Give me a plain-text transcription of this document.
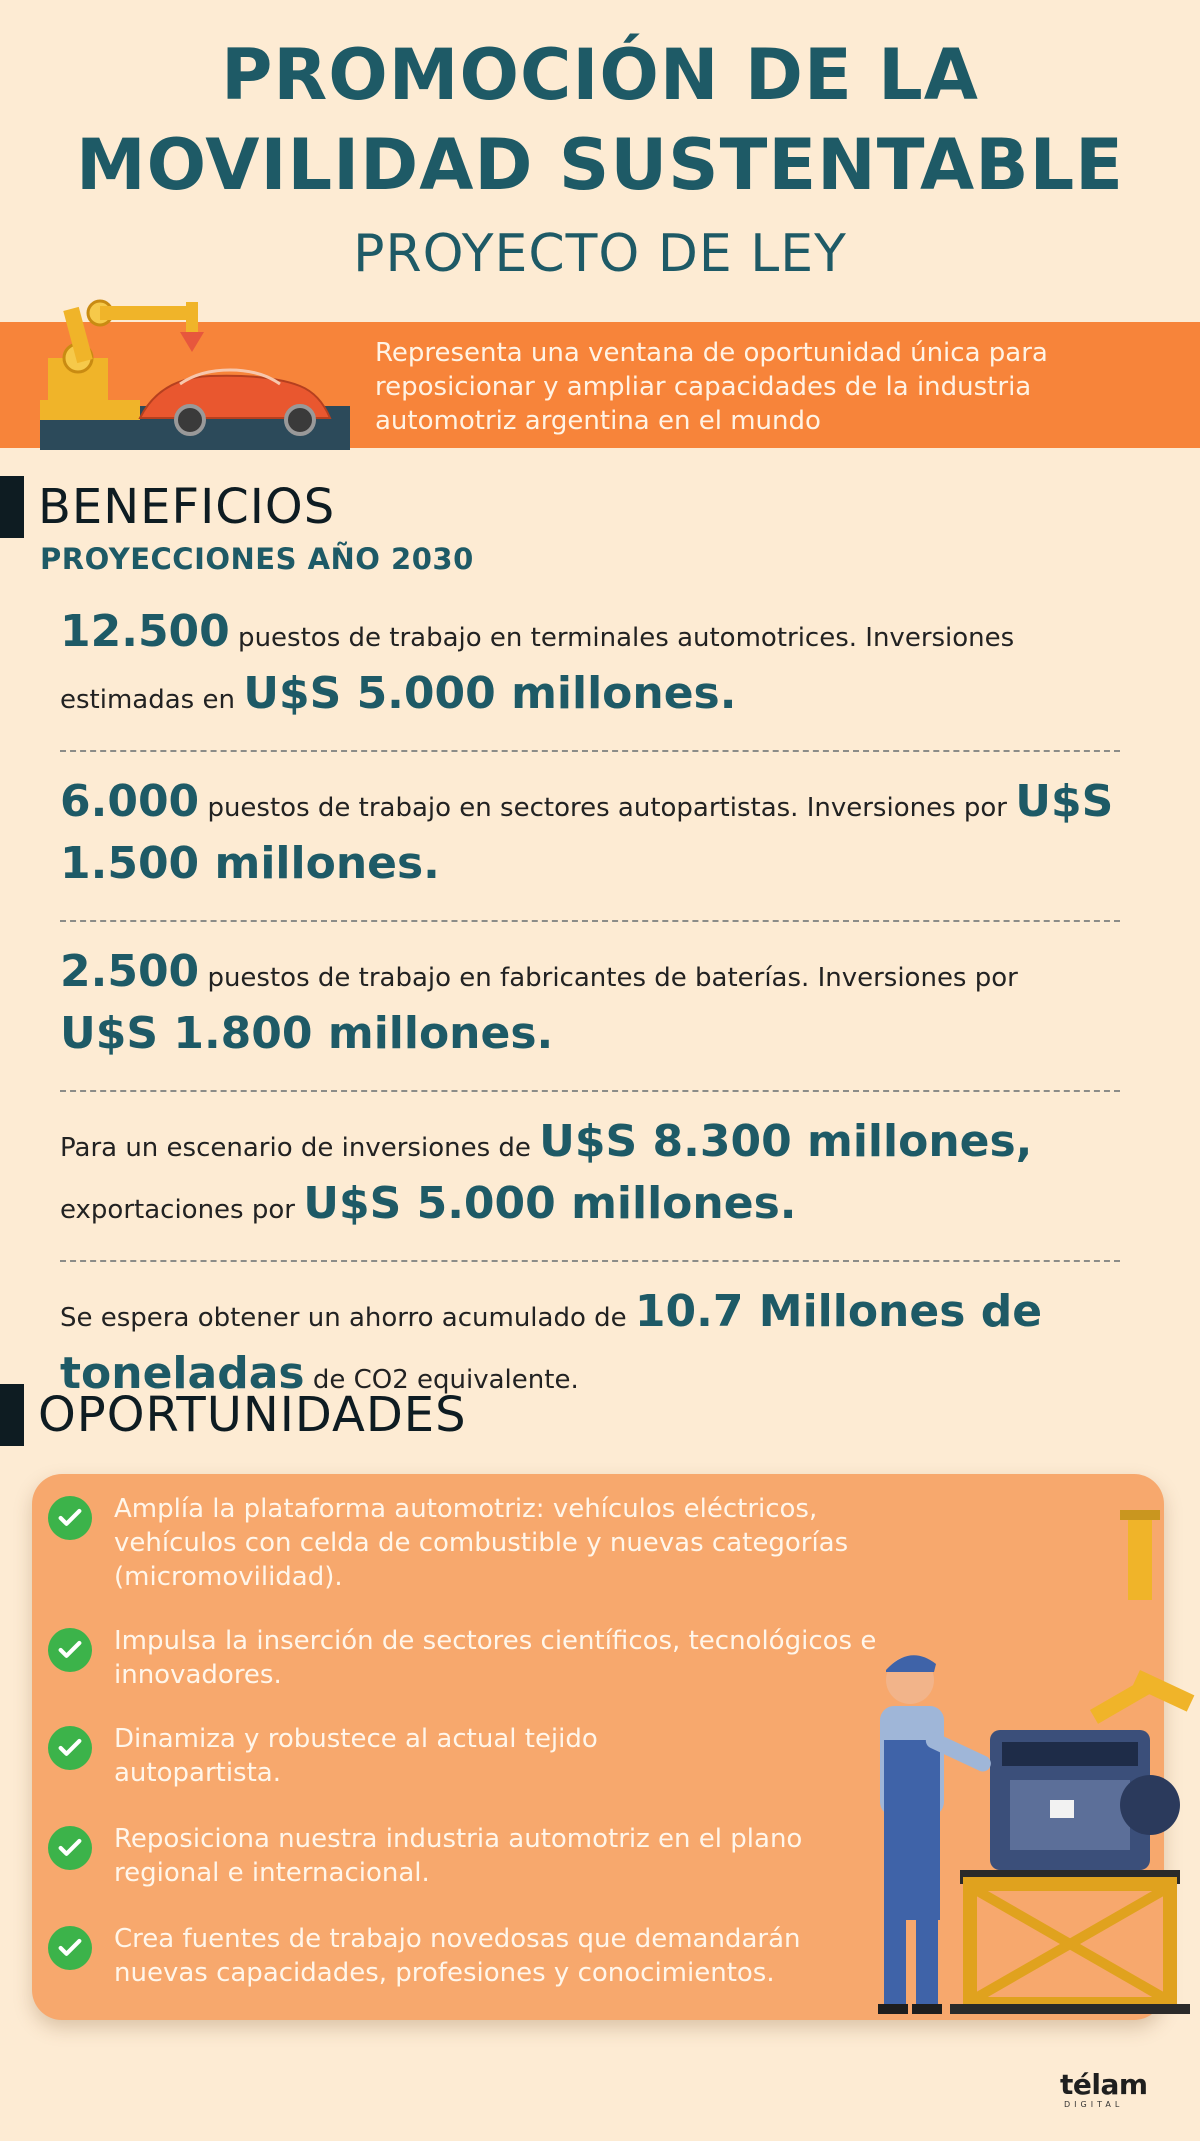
PROMOCIÓN DE LA
MOVILIDAD SUSTENTABLE
PROYECTO DE LEY
Representa una ventana de oportunidad única para reposicionar y ampliar capacidades de la industria automotriz argentina en el mundo
BENEFICIOS
PROYECCIONES AÑO 2030

12.500 puestos de trabajo en terminales automotrices. Inversiones estimadas en U$S 5.000 millones.

6.000 puestos de trabajo en sectores autopartistas. Inversiones por U$S 1.500 millones.

2.500 puestos de trabajo en fabricantes de baterías. Inversiones por U$S 1.800 millones.

Para un escenario de inversiones de U$S 8.300 millones, exportaciones por U$S 5.000 millones.

Se espera obtener un ahorro acumulado de 10.7 Millones de toneladas de CO2 equivalente.

OPORTUNIDADES
Amplía la plataforma automotriz: vehículos eléctricos, vehículos con celda de combustible y nuevas categorías (micromovilidad).
Impulsa la inserción de sectores científicos, tecnológicos e innovadores.
Dinamiza y robustece al actual tejido autopartista.
Reposiciona nuestra industria automotriz en el plano regional e internacional.
Crea fuentes de trabajo novedosas que demandarán nuevas capacidades, profesiones y conocimientos.
télam
DIGITAL
